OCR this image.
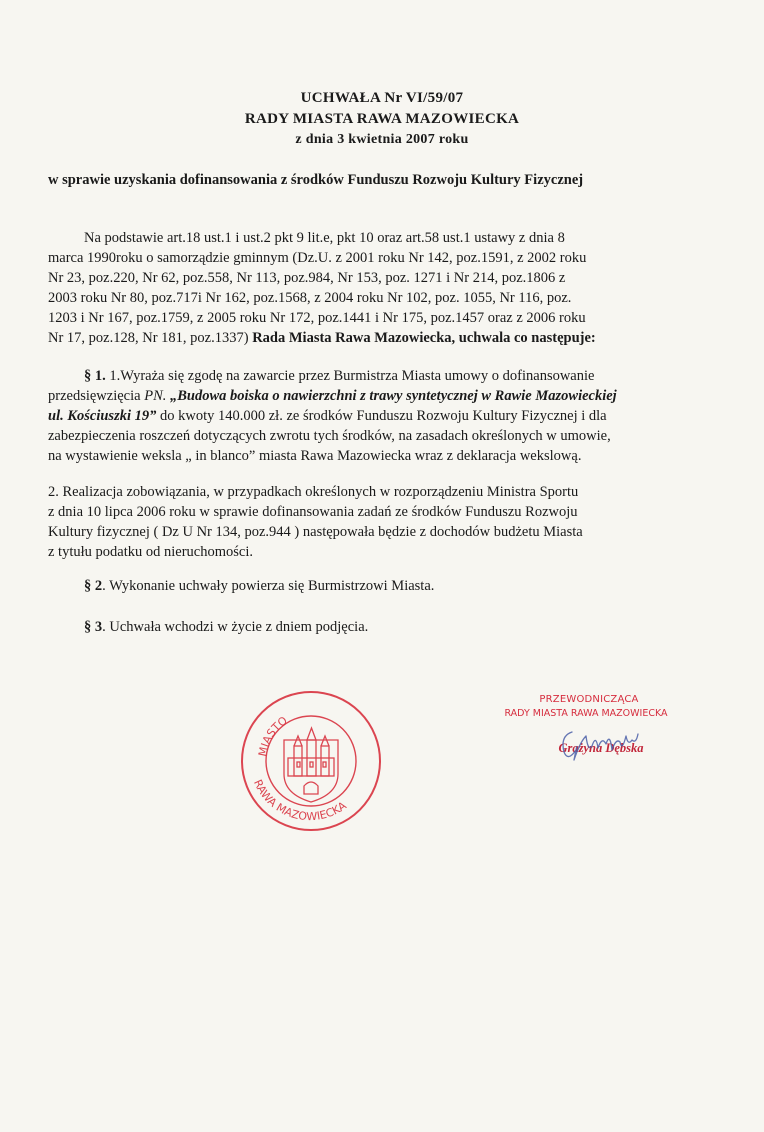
UCHWAŁA Nr VI/59/07
RADY MIASTA RAWA MAZOWIECKA
z dnia 3 kwietnia 2007 roku
w sprawie uzyskania dofinansowania z środków Funduszu Rozwoju Kultury Fizycznej
Na podstawie art.18 ust.1 i ust.2 pkt 9 lit.e, pkt 10 oraz art.58 ust.1 ustawy z dnia 8
marca 1990roku o samorządzie gminnym (Dz.U. z 2001 roku Nr 142, poz.1591, z 2002 roku
Nr 23, poz.220, Nr 62, poz.558, Nr 113, poz.984, Nr 153, poz. 1271 i Nr 214, poz.1806 z
2003 roku Nr 80, poz.717i Nr 162, poz.1568, z 2004 roku Nr 102, poz. 1055, Nr 116, poz.
1203 i Nr 167, poz.1759, z 2005 roku Nr 172, poz.1441 i Nr 175, poz.1457 oraz z 2006 roku
Nr 17, poz.128, Nr 181, poz.1337) Rada Miasta Rawa Mazowiecka, uchwala co następuje:
§ 1. 1.Wyraża się zgodę na zawarcie przez Burmistrza Miasta umowy o dofinansowanie
przedsięwzięcia PN. „Budowa boiska o nawierzchni z trawy syntetycznej w Rawie Mazowieckiej
ul. Kościuszki 19” do kwoty 140.000 zł. ze środków Funduszu Rozwoju Kultury Fizycznej i dla
zabezpieczenia roszczeń dotyczących zwrotu tych środków, na zasadach określonych w umowie,
na wystawienie weksla „ in blanco” miasta Rawa Mazowiecka wraz z deklaracja wekslową.
2. Realizacja zobowiązania, w przypadkach określonych w rozporządzeniu Ministra Sportu
z dnia 10 lipca 2006 roku w sprawie dofinansowania zadań ze środków Funduszu Rozwoju
Kultury fizycznej ( Dz U Nr 134, poz.944 ) następowała będzie z dochodów budżetu Miasta
z tytułu podatku od nieruchomości.
§ 2. Wykonanie uchwały powierza się Burmistrzowi Miasta.
§ 3. Uchwała wchodzi w życie z dniem podjęcia.
MIASTO
RAWA MAZOWIECKA
PRZEWODNICZĄCA
RADY MIASTA RAWA MAZOWIECKA
Grażyna Dębska
